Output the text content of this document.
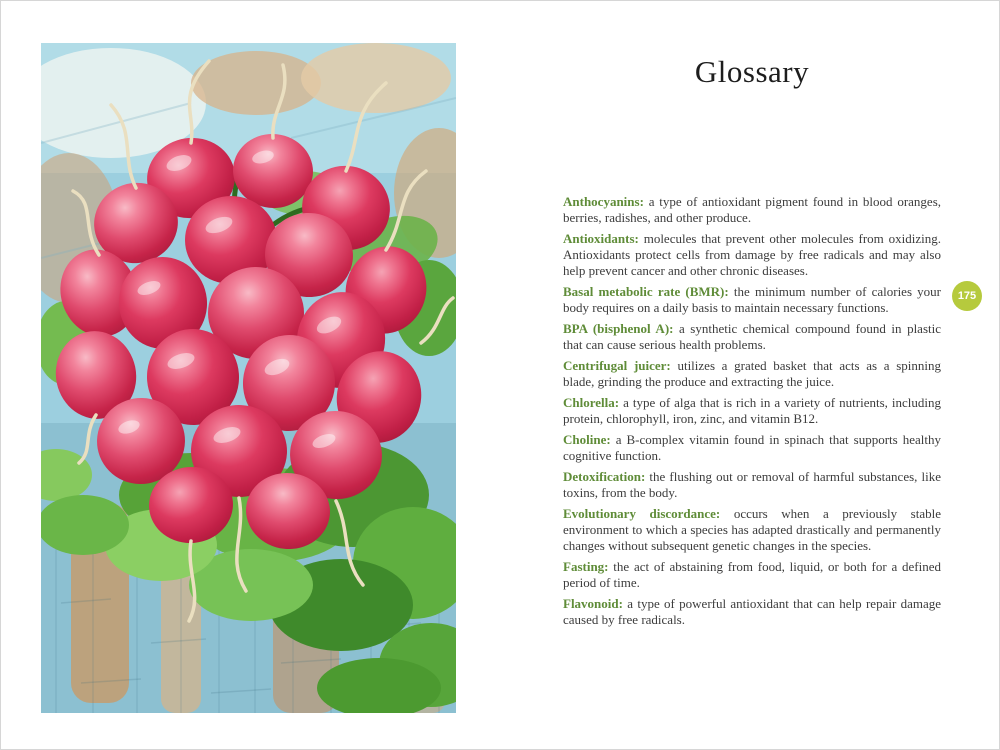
Glossary

Anthocyanins: a type of antioxidant pigment found in blood oranges, berries, radishes, and other produce.

Antioxidants: molecules that prevent other molecules from oxidizing. Antioxidants protect cells from damage by free radicals and may also help prevent cancer and other chronic diseases.

Basal metabolic rate (BMR): the minimum number of calories your body requires on a daily basis to maintain necessary functions.

BPA (bisphenol A): a synthetic chemical compound found in plastic that can cause serious health problems.

Centrifugal juicer: utilizes a grated basket that acts as a spinning blade, grinding the produce and extracting the juice.

Chlorella: a type of alga that is rich in a variety of nutrients, including protein, chlorophyll, iron, zinc, and vitamin B12.

Choline: a B-complex vitamin found in spinach that supports healthy cognitive function.

Detoxification: the flushing out or removal of harmful substances, like toxins, from the body.

Evolutionary discordance: occurs when a previously stable environment to which a species has adapted drastically and permanently changes without subsequent genetic changes in the species.

Fasting: the act of abstaining from food, liquid, or both for a defined period of time.

Flavonoid: a type of powerful antioxidant that can help repair damage caused by free radicals.

175
